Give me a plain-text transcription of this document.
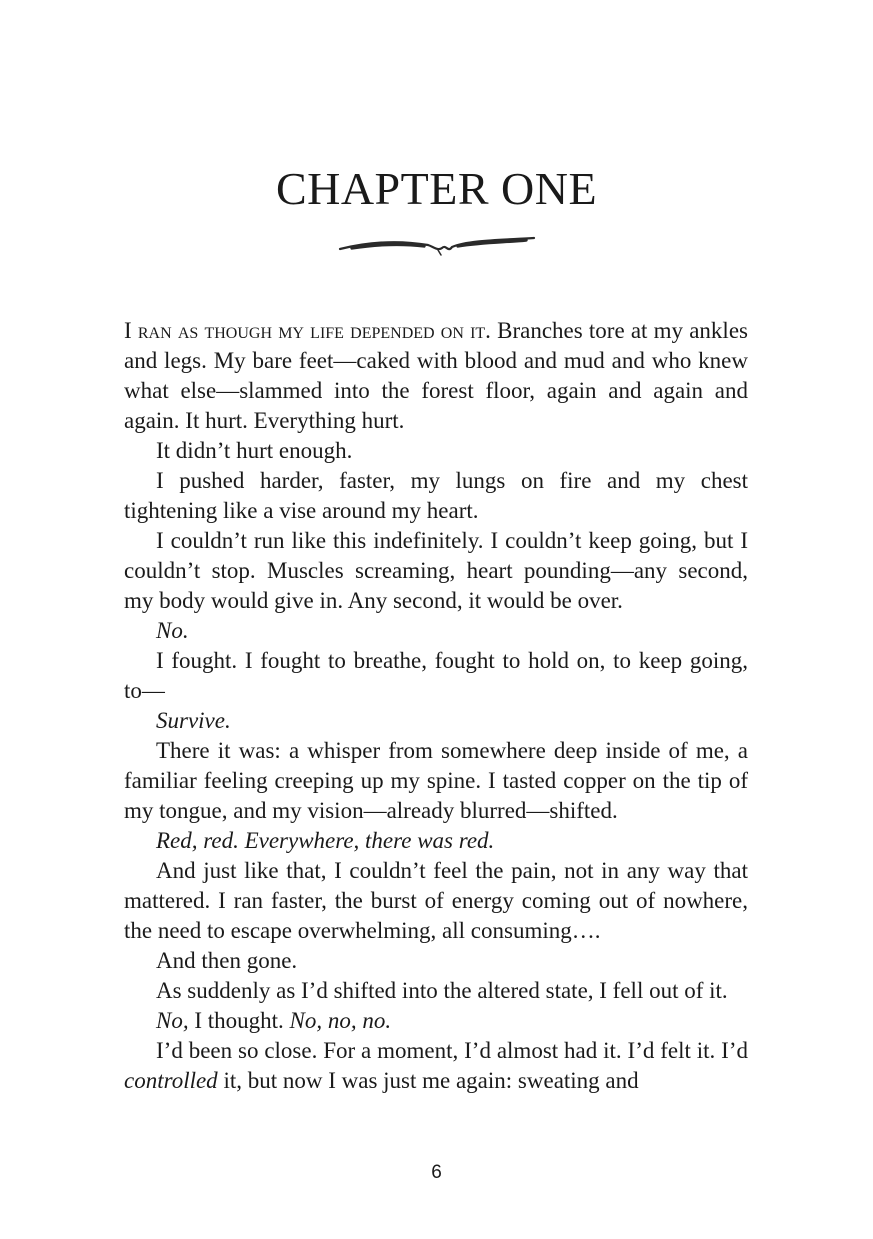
CHAPTER ONE

I ran as though my life depended on it. Branches tore at my ankles and legs. My bare feet—caked with blood and mud and who knew what else—slammed into the forest floor, again and again and again. It hurt. Everything hurt.

It didn’t hurt enough.

I pushed harder, faster, my lungs on fire and my chest tightening like a vise around my heart.

I couldn’t run like this indefinitely. I couldn’t keep going, but I couldn’t stop. Muscles screaming, heart pounding—any second, my body would give in. Any second, it would be over.

No.

I fought. I fought to breathe, fought to hold on, to keep going, to—

Survive.

There it was: a whisper from somewhere deep inside of me, a familiar feeling creeping up my spine. I tasted copper on the tip of my tongue, and my vision—already blurred—shifted.

Red, red. Everywhere, there was red.

And just like that, I couldn’t feel the pain, not in any way that mattered. I ran faster, the burst of energy coming out of nowhere, the need to escape overwhelming, all consuming….

And then gone.

As suddenly as I’d shifted into the altered state, I fell out of it.

No, I thought. No, no, no.

I’d been so close. For a moment, I’d almost had it. I’d felt it. I’d controlled it, but now I was just me again: sweating and

6
